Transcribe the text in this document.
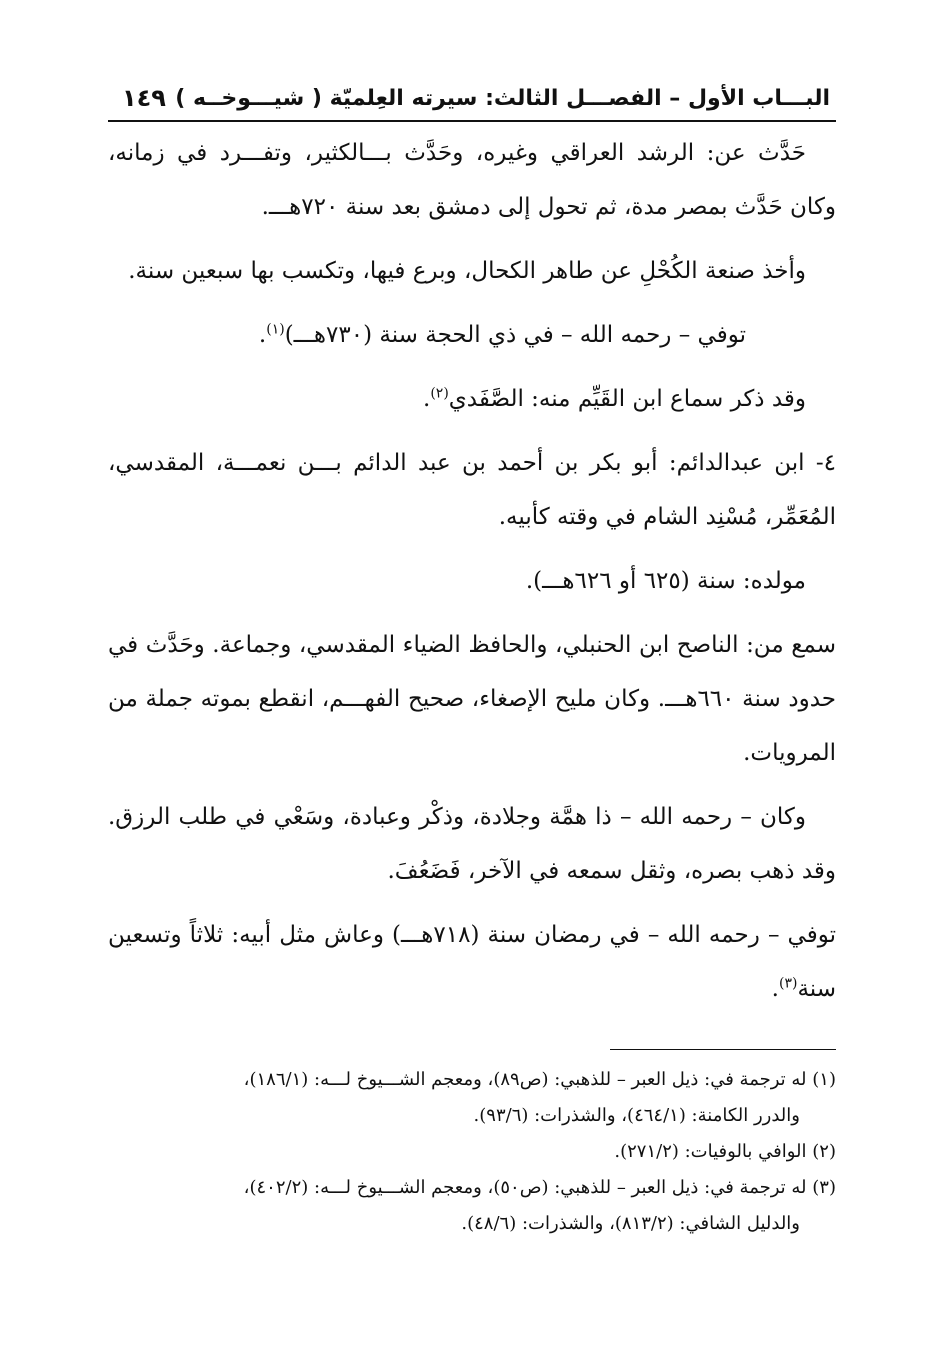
البـــاب الأول – الفصـــل الثالث: سيرته العِلميّة ( شيـــوخــه )
١٤٩

حَدَّث عن: الرشد العراقي وغيره، وحَدَّث بـــالكثير، وتفـــرد في زمانه، وكان حَدَّث بمصر مدة، ثم تحول إلى دمشق بعد سنة ٧٢٠هـــ.

وأخذ صنعة الكُحْلِ عن طاهر الكحال، وبرع فيها، وتكسب بها سبعين سنة.

توفي – رحمه الله – في ذي الحجة سنة (٧٣٠هـــ)$^{(١)}$.

وقد ذكر سماع ابن القَيِّم منه: الصَّفَدي$^{(٢)}$.

٤- ابن عبدالدائم: أبو بكر بن أحمد بن عبد الدائم بـــن نعمـــة، المقدسي، المُعَمِّر، مُسْنِد الشام في وقته كأبيه.

مولده: سنة (٦٢٥ أو ٦٢٦هـــ).

سمع من: الناصح ابن الحنبلي، والحافظ الضياء المقدسي، وجماعة. وحَدَّث في حدود سنة ٦٦٠هـــ. وكان مليح الإصغاء، صحيح الفهـــم، انقطع بموته جملة من المرويات.

وكان – رحمه الله – ذا همَّة وجلادة، وذكْر وعبادة، وسَعْي في طلب الرزق. وقد ذهب بصره، وثقل سمعه في الآخر، فَضَعُفَ.

توفي – رحمه الله – في رمضان سنة (٧١٨هـــ) وعاش مثل أبيه: ثلاثاً وتسعين سنة$^{(٣)}$.

(١) له ترجمة في: ذيل العبر – للذهبي: (ص٨٩)، ومعجم الشـــيوخ لـــه: (١٨٦/١)،

والدرر الكامنة: (٤٦٤/١)، والشذرات: (٩٣/٦).

(٢) الوافي بالوفيات: (٢٧١/٢).

(٣) له ترجمة في: ذيل العبر – للذهبي: (ص٥٠)، ومعجم الشـــيوخ لـــه: (٤٠٢/٢)،

والدليل الشافي: (٨١٣/٢)، والشذرات: (٤٨/٦).
